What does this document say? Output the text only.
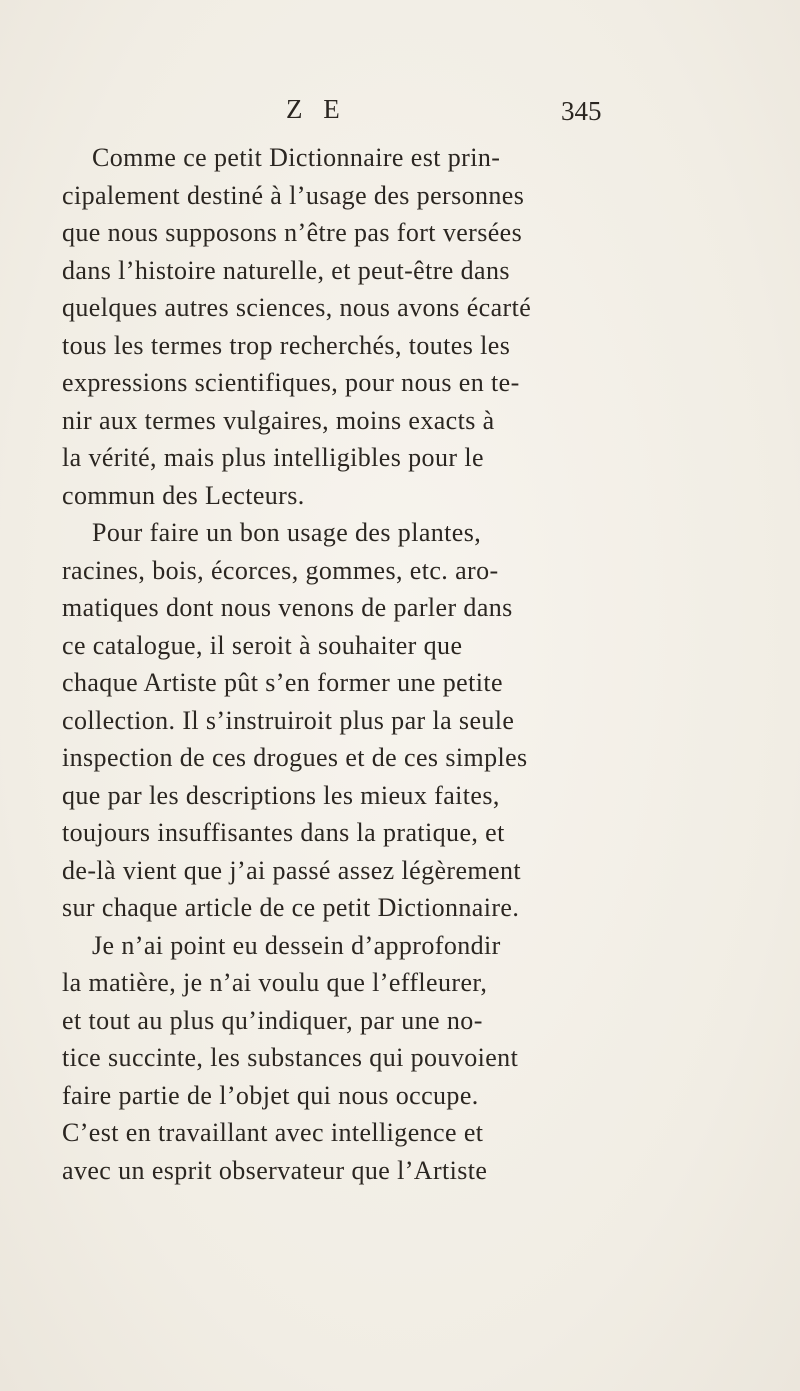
Z E	345
Comme ce petit Dictionnaire est prin-
cipalement destiné à l’usage des personnes
que nous supposons n’être pas fort versées
dans l’histoire naturelle, et peut-être dans
quelques autres sciences, nous avons écarté
tous les termes trop recherchés, toutes les
expressions scientifiques, pour nous en te-
nir aux termes vulgaires, moins exacts à
la vérité, mais plus intelligibles pour le
commun des Lecteurs.
Pour faire un bon usage des plantes,
racines, bois, écorces, gommes, etc. aro-
matiques dont nous venons de parler dans
ce catalogue, il seroit à souhaiter que
chaque Artiste pût s’en former une petite
collection. Il s’instruiroit plus par la seule
inspection de ces drogues et de ces simples
que par les descriptions les mieux faites,
toujours insuffisantes dans la pratique, et
de-là vient que j’ai passé assez légèrement
sur chaque article de ce petit Dictionnaire.
Je n’ai point eu dessein d’approfondir
la matière, je n’ai voulu que l’effleurer,
et tout au plus qu’indiquer, par une no-
tice succinte, les substances qui pouvoient
faire partie de l’objet qui nous occupe.
C’est en travaillant avec intelligence et
avec un esprit observateur que l’Artiste
